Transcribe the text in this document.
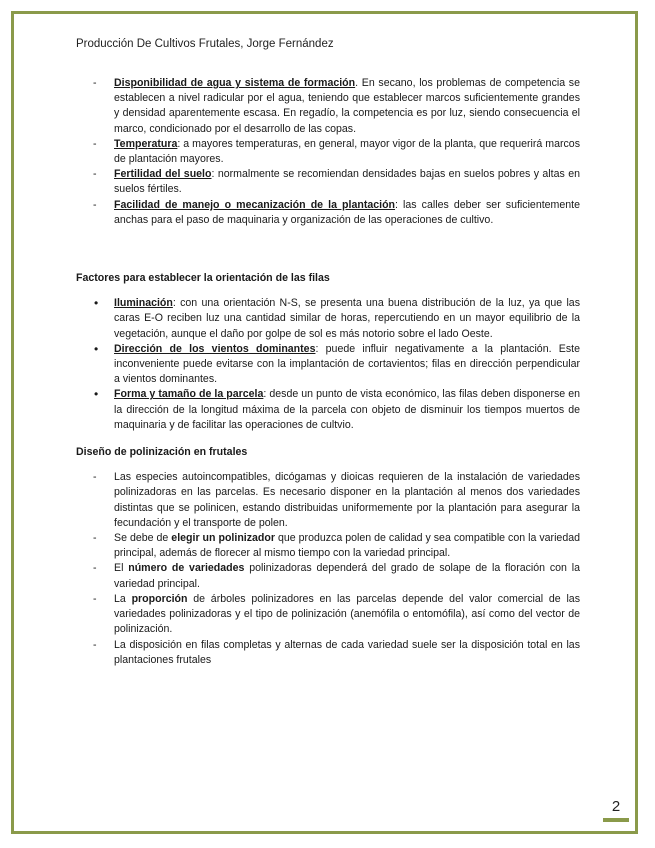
Producción De Cultivos Frutales, Jorge Fernández
- Disponibilidad de agua y sistema de formación. En secano, los problemas de competencia se establecen a nivel radicular por el agua, teniendo que establecer marcos suficientemente grandes y densidad aparentemente escasa. En regadío, la competencia es por luz, siendo consecuencia el marco, condicionado por el desarrollo de las copas.
- Temperatura: a mayores temperaturas, en general, mayor vigor de la planta, que requerirá marcos de plantación mayores.
- Fertilidad del suelo: normalmente se recomiendan densidades bajas en suelos pobres y altas en suelos fértiles.
- Facilidad de manejo o mecanización de la plantación: las calles deber ser suficientemente anchas para el paso de maquinaria y organización de las operaciones de cultivo.

Factores para establecer la orientación de las filas

• Iluminación: con una orientación N-S, se presenta una buena distribución de la luz, ya que las caras E-O reciben luz una cantidad similar de horas, repercutiendo en un mayor equilibrio de la vegetación, aunque el daño por golpe de sol es más notorio sobre el lado Oeste.
• Dirección de los vientos dominantes: puede influir negativamente a la plantación. Este inconveniente puede evitarse con la implantación de cortavientos; filas en dirección perpendicular a vientos dominantes.
• Forma y tamaño de la parcela: desde un punto de vista económico, las filas deben disponerse en la dirección de la longitud máxima de la parcela con objeto de disminuir los tiempos muertos de maquinaria y de facilitar las operaciones de cultvio.

Diseño de polinización en frutales

- Las especies autoincompatibles, dicógamas y dioicas requieren de la instalación de variedades polinizadoras en las parcelas. Es necesario disponer en la plantación al menos dos variedades distintas que se polinicen, estando distribuidas uniformemente por la plantación para asegurar la fecundación y el transporte de polen.
- Se debe de elegir un polinizador que produzca polen de calidad y sea compatible con la variedad principal, además de florecer al mismo tiempo con la variedad principal.
- El número de variedades polinizadoras dependerá del grado de solape de la floración con la variedad principal.
- La proporción de árboles polinizadores en las parcelas depende del valor comercial de las variedades polinizadoras y el tipo de polinización (anemófila o entomófila), así como del vector de polinización.
- La disposición en filas completas y alternas de cada variedad suele ser la disposición total en las plantaciones frutales
2
